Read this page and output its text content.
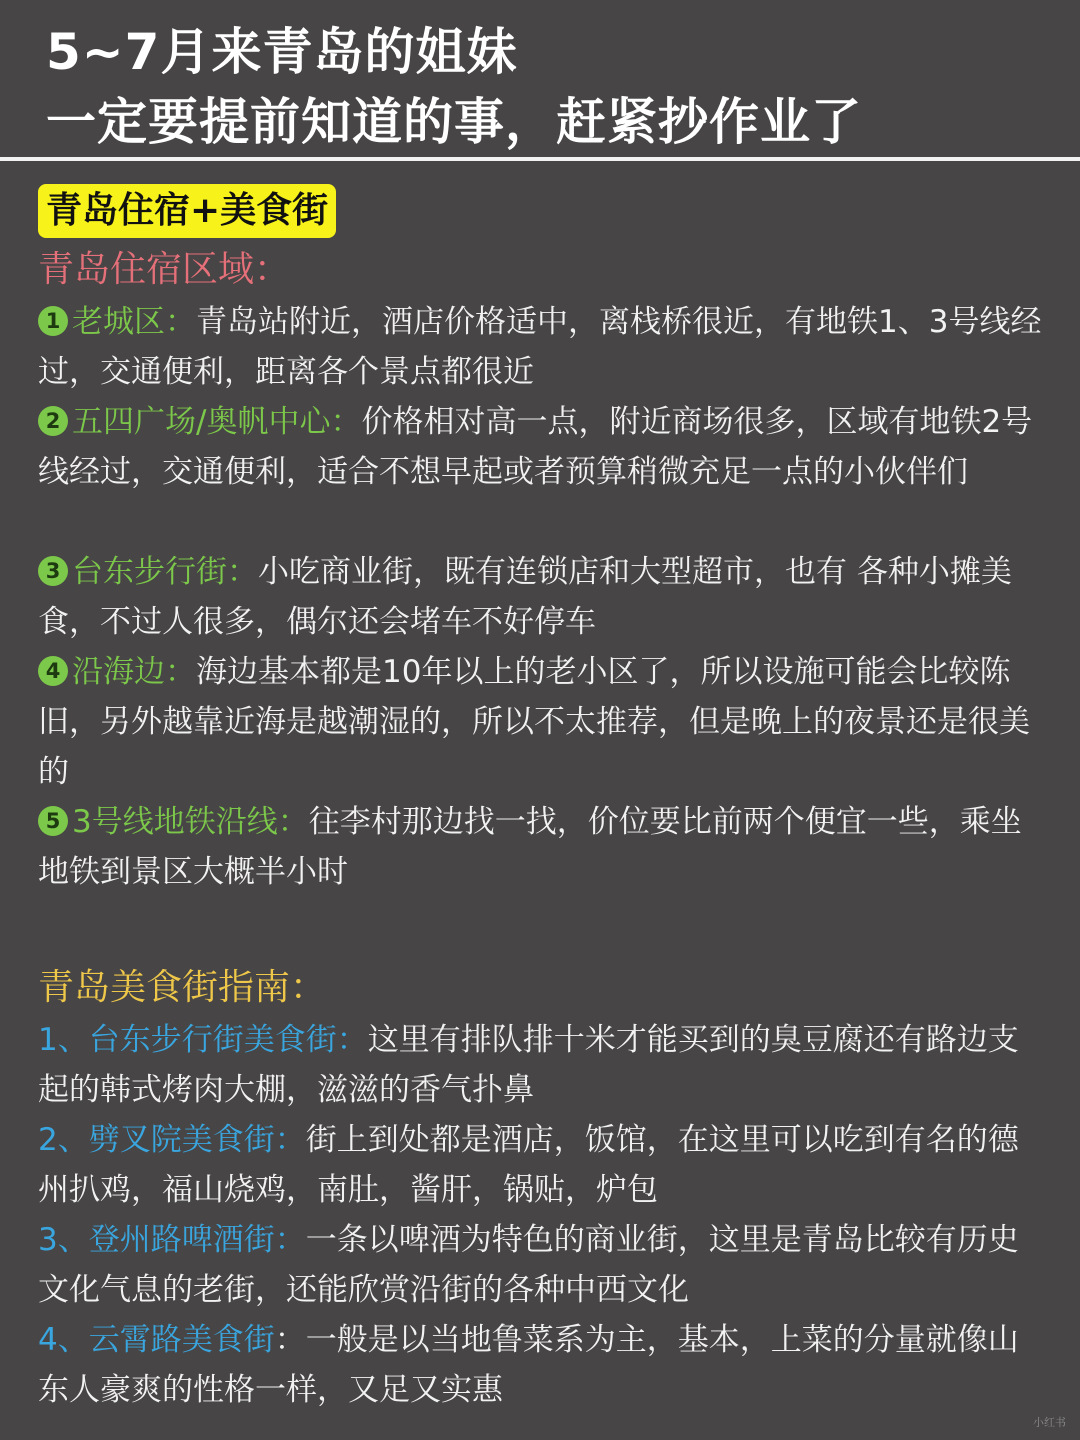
5~7月来青岛的姐妹
一定要提前知道的事，赶紧抄作业了
青岛住宿+美食街
青岛住宿区域：
1 老城区：青岛站附近，酒店价格适中，离栈桥很近，有地铁1、3号线经过，交通便利，距离各个景点都很近
2 五四广场/奥帆中心：价格相对高一点，附近商场很多，区域有地铁2号线经过，交通便利，适合不想早起或者预算稍微充足一点的小伙伴们
3 台东步行街：小吃商业街，既有连锁店和大型超市，也有 各种小摊美食，不过人很多，偶尔还会堵车不好停车
4 沿海边：海边基本都是10年以上的老小区了，所以设施可能会比较陈旧，另外越靠近海是越潮湿的，所以不太推荐，但是晚上的夜景还是很美的
5 3号线地铁沿线：往李村那边找一找，价位要比前两个便宜一些，乘坐地铁到景区大概半小时
青岛美食街指南：
1、台东步行街美食街：这里有排队排十米才能买到的臭豆腐还有路边支起的韩式烤肉大棚，滋滋的香气扑鼻
2、劈叉院美食街：街上到处都是酒店，饭馆，在这里可以吃到有名的德州扒鸡，福山烧鸡，南肚，酱肝，锅贴，炉包
3、登州路啤酒街：一条以啤酒为特色的商业街，这里是青岛比较有历史文化气息的老街，还能欣赏沿街的各种中西文化
4、云霄路美食街：一般是以当地鲁菜系为主，基本，上菜的分量就像山东人豪爽的性格一样，又足又实惠
小红书
